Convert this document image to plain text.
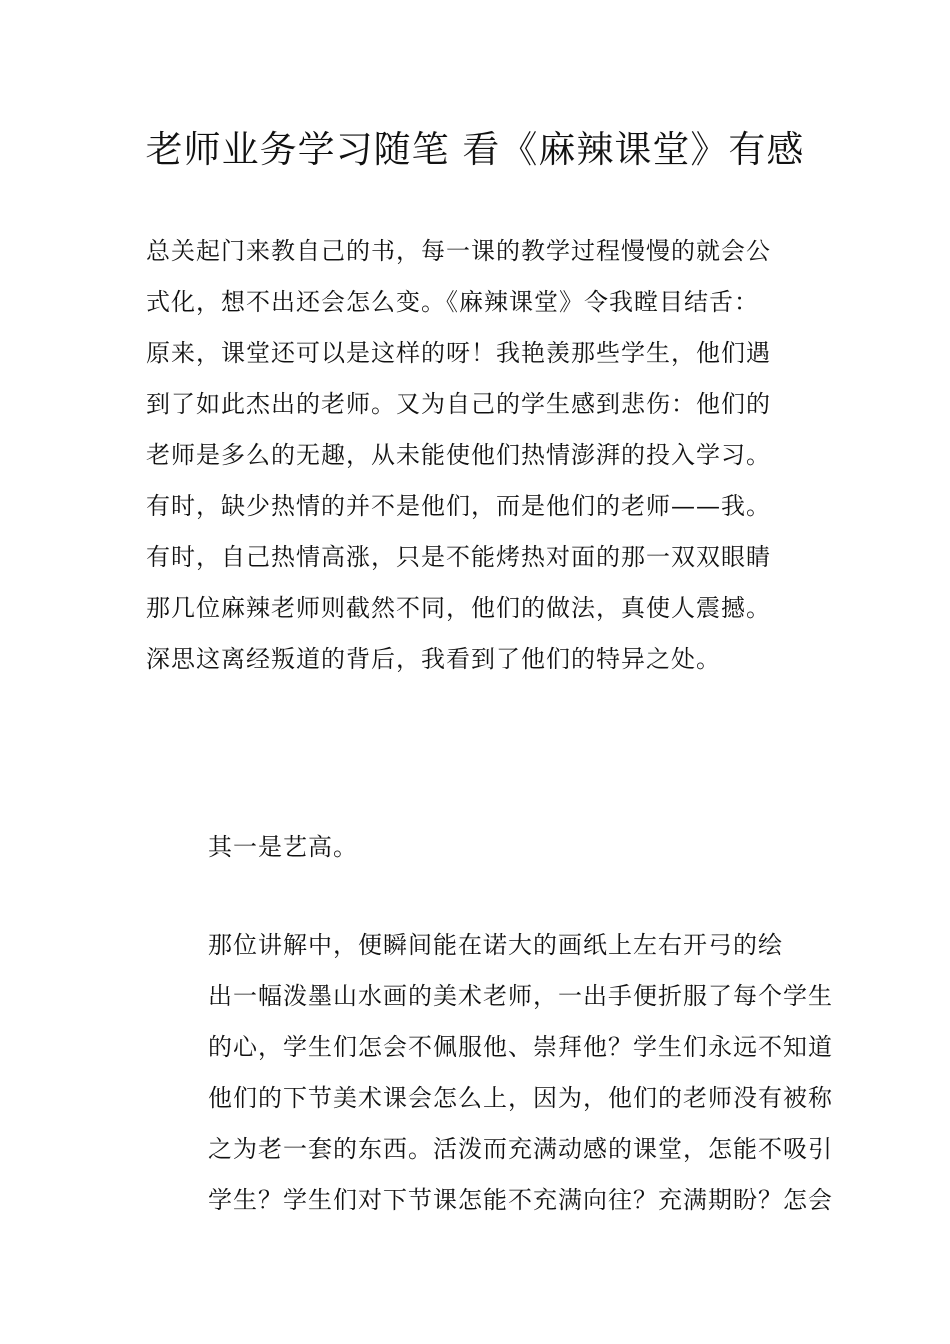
老师业务学习随笔 看《麻辣课堂》有感

总关起门来教自己的书，每一课的教学过程慢慢的就会公
式化，想不出还会怎么变。《麻辣课堂》令我瞠目结舌：
原来，课堂还可以是这样的呀！我艳羡那些学生，他们遇
到了如此杰出的老师。又为自己的学生感到悲伤：他们的
老师是多么的无趣，从未能使他们热情澎湃的投入学习。
有时，缺少热情的并不是他们，而是他们的老师——我。
有时，自己热情高涨，只是不能烤热对面的那一双双眼睛
那几位麻辣老师则截然不同，他们的做法，真使人震撼。
深思这离经叛道的背后，我看到了他们的特异之处。

其一是艺高。

那位讲解中，便瞬间能在诺大的画纸上左右开弓的绘
出一幅泼墨山水画的美术老师，一出手便折服了每个学生
的心，学生们怎会不佩服他、崇拜他？学生们永远不知道
他们的下节美术课会怎么上，因为，他们的老师没有被称
之为老一套的东西。活泼而充满动感的课堂，怎能不吸引
学生？学生们对下节课怎能不充满向往？充满期盼？怎会
